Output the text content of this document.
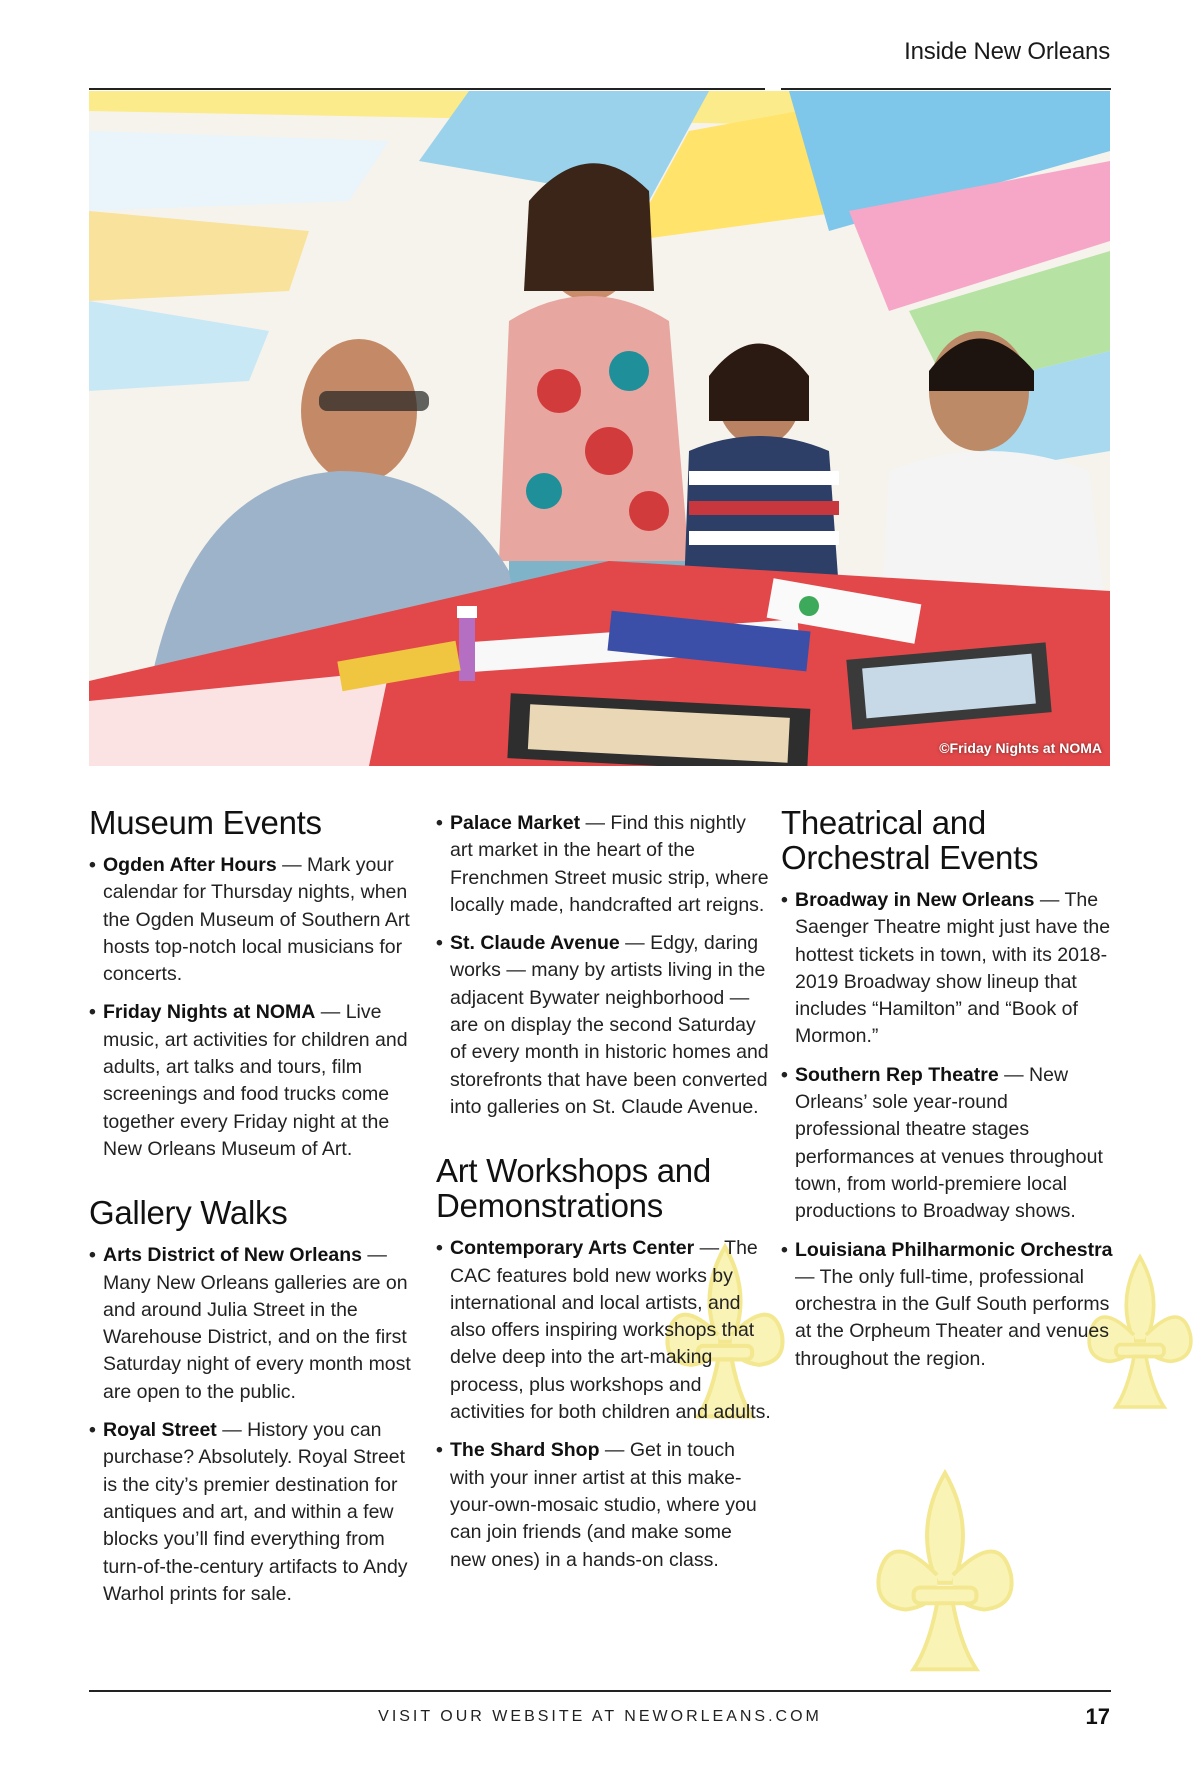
Inside New Orleans
©Friday Nights at NOMA
Museum Events
• Ogden After Hours — Mark your calendar for Thursday nights, when the Ogden Museum of Southern Art hosts top-notch local musicians for concerts.
• Friday Nights at NOMA — Live music, art activities for children and adults, art talks and tours, film screenings and food trucks come together every Friday night at the New Orleans Museum of Art.
Gallery Walks
• Arts District of New Orleans — Many New Orleans galleries are on and around Julia Street in the Warehouse District, and on the first Saturday night of every month most are open to the public.
• Royal Street — History you can purchase? Absolutely. Royal Street is the city’s premier destination for antiques and art, and within a few blocks you’ll find everything from turn-of-the-century artifacts to Andy Warhol prints for sale.
• Palace Market — Find this nightly art market in the heart of the Frenchmen Street music strip, where locally made, handcrafted art reigns.
• St. Claude Avenue — Edgy, daring works — many by artists living in the adjacent Bywater neighborhood — are on display the second Saturday of every month in historic homes and storefronts that have been converted into galleries on St. Claude Avenue.
Art Workshops and Demonstrations
• Contemporary Arts Center — The CAC features bold new works by international and local artists, and also offers inspiring workshops that delve deep into the art-making process, plus workshops and activities for both children and adults.
• The Shard Shop — Get in touch with your inner artist at this make-your-own-mosaic studio, where you can join friends (and make some new ones) in a hands-on class.
Theatrical and Orchestral Events
• Broadway in New Orleans — The Saenger Theatre might just have the hottest tickets in town, with its 2018-2019 Broadway show lineup that includes “Hamilton” and “Book of Mormon.”
• Southern Rep Theatre — New Orleans’ sole year-round professional theatre stages performances at venues throughout town, from world-premiere local productions to Broadway shows.
• Louisiana Philharmonic Orchestra — The only full-time, professional orchestra in the Gulf South performs at the Orpheum Theater and venues throughout the region.
VISIT OUR WEBSITE AT NEWORLEANS.COM	17
